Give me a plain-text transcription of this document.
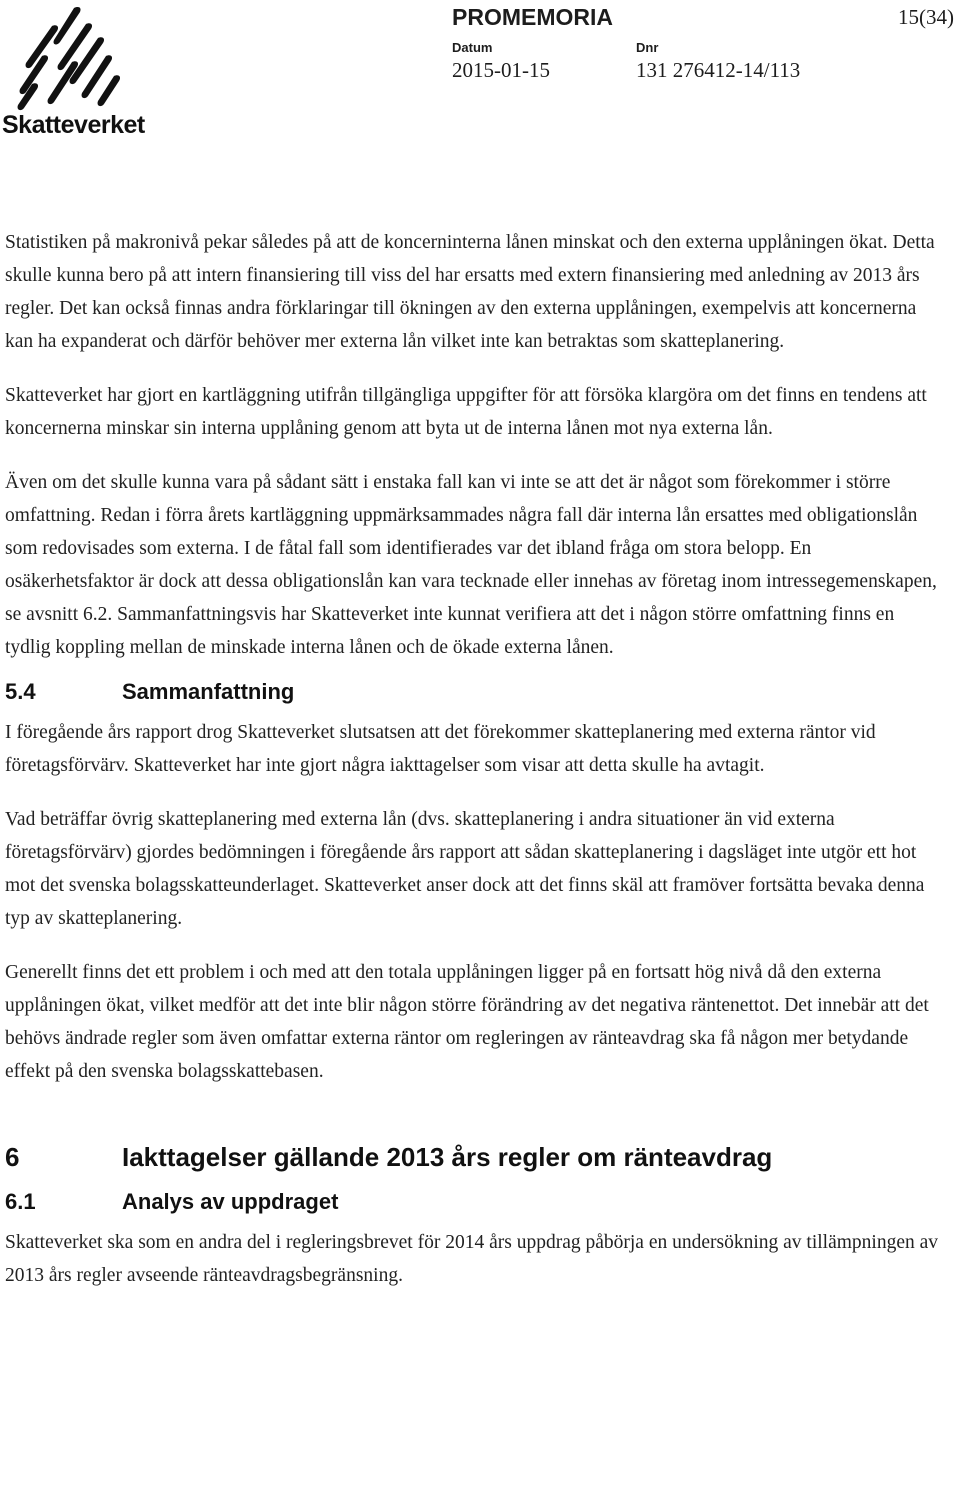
Skatteverket
PROMEMORIA	15(34)
Datum
2015-01-15
Dnr
131 276412-14/113

Statistiken på makronivå pekar således på att de koncerninterna lånen minskat och den externa upplåningen ökat. Detta skulle kunna bero på att intern finansiering till viss del har ersatts med extern finansiering med anledning av 2013 års regler. Det kan också finnas andra förklaringar till ökningen av den externa upplåningen, exempelvis att koncernerna kan ha expanderat och därför behöver mer externa lån vilket inte kan betraktas som skatteplanering.

Skatteverket har gjort en kartläggning utifrån tillgängliga uppgifter för att försöka klargöra om det finns en tendens att koncernerna minskar sin interna upplåning genom att byta ut de interna lånen mot nya externa lån.

Även om det skulle kunna vara på sådant sätt i enstaka fall kan vi inte se att det är något som förekommer i större omfattning. Redan i förra årets kartläggning uppmärksammades några fall där interna lån ersattes med obligationslån som redovisades som externa. I de fåtal fall som identifierades var det ibland fråga om stora belopp. En osäkerhetsfaktor är dock att dessa obligationslån kan vara tecknade eller innehas av företag inom intressegemenskapen, se avsnitt 6.2. Sammanfattningsvis har Skatteverket inte kunnat verifiera att det i någon större omfattning finns en tydlig koppling mellan de minskade interna lånen och de ökade externa lånen.

5.4	Sammanfattning

I föregående års rapport drog Skatteverket slutsatsen att det förekommer skatteplanering med externa räntor vid företagsförvärv. Skatteverket har inte gjort några iakttagelser som visar att detta skulle ha avtagit.

Vad beträffar övrig skatteplanering med externa lån (dvs. skatteplanering i andra situationer än vid externa företagsförvärv) gjordes bedömningen i föregående års rapport att sådan skatteplanering i dagsläget inte utgör ett hot mot det svenska bolagsskatteunderlaget. Skatteverket anser dock att det finns skäl att framöver fortsätta bevaka denna typ av skatteplanering.

Generellt finns det ett problem i och med att den totala upplåningen ligger på en fortsatt hög nivå då den externa upplåningen ökat, vilket medför att det inte blir någon större förändring av det negativa räntenettot. Det innebär att det behövs ändrade regler som även omfattar externa räntor om regleringen av ränteavdrag ska få någon mer betydande effekt på den svenska bolagsskattebasen.

6	Iakttagelser gällande 2013 års regler om ränteavdrag
6.1	Analys av uppdraget

Skatteverket ska som en andra del i regleringsbrevet för 2014 års uppdrag påbörja en undersökning av tillämpningen av 2013 års regler avseende ränteavdragsbegränsning.
